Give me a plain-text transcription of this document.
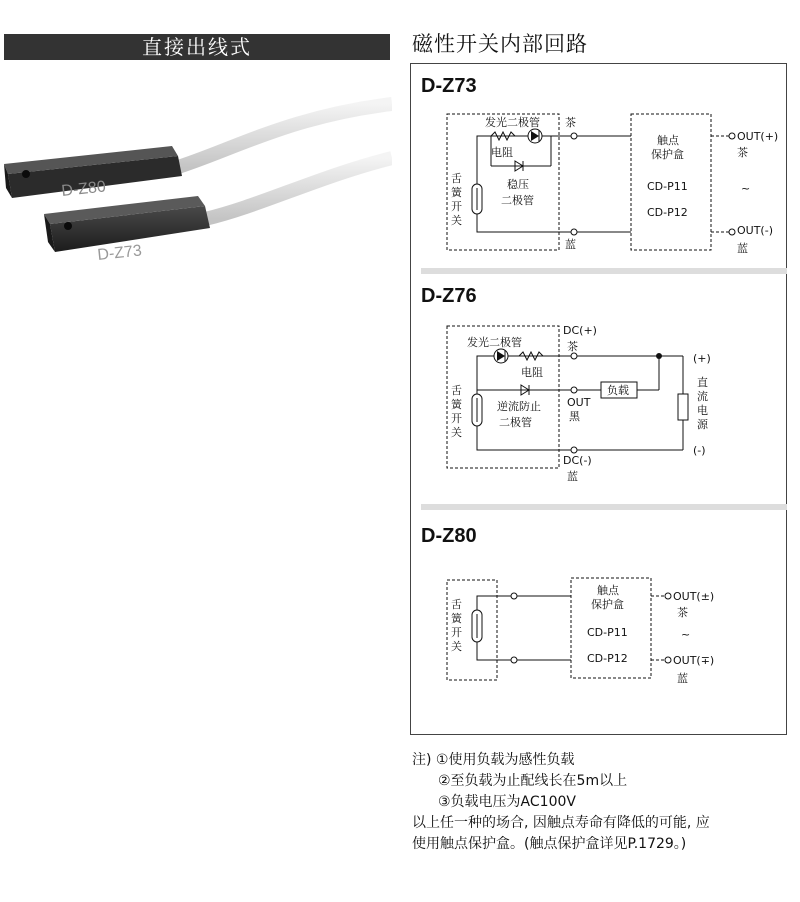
直接出线式
D-Z80
D-Z73
磁性开关内部回路
D-Z73
发光二极管
电阻
稳压
二极管
舌
簧
开
关
茶
蓝
触点
保护盒
CD-P11
CD-P12
OUT(+)
茶
~
OUT(-)
蓝
D-Z76
发光二极管
电阻
DC(+)
茶
OUT
黑
逆流防止
二极管
负载
DC(-)
蓝
舌
簧
开
关
(+)
直
流
电
源
(-)
D-Z80
舌
簧
开
关
触点
保护盒
CD-P11
CD-P12
OUT(±)
茶
~
OUT(∓)
蓝
注) ①使用负载为感性负载
②至负载为止配线长在5m以上
③负载电压为AC100V
以上任一种的场合, 因触点寿命有降低的可能, 应
使用触点保护盒。(触点保护盒详见P.1729。)
